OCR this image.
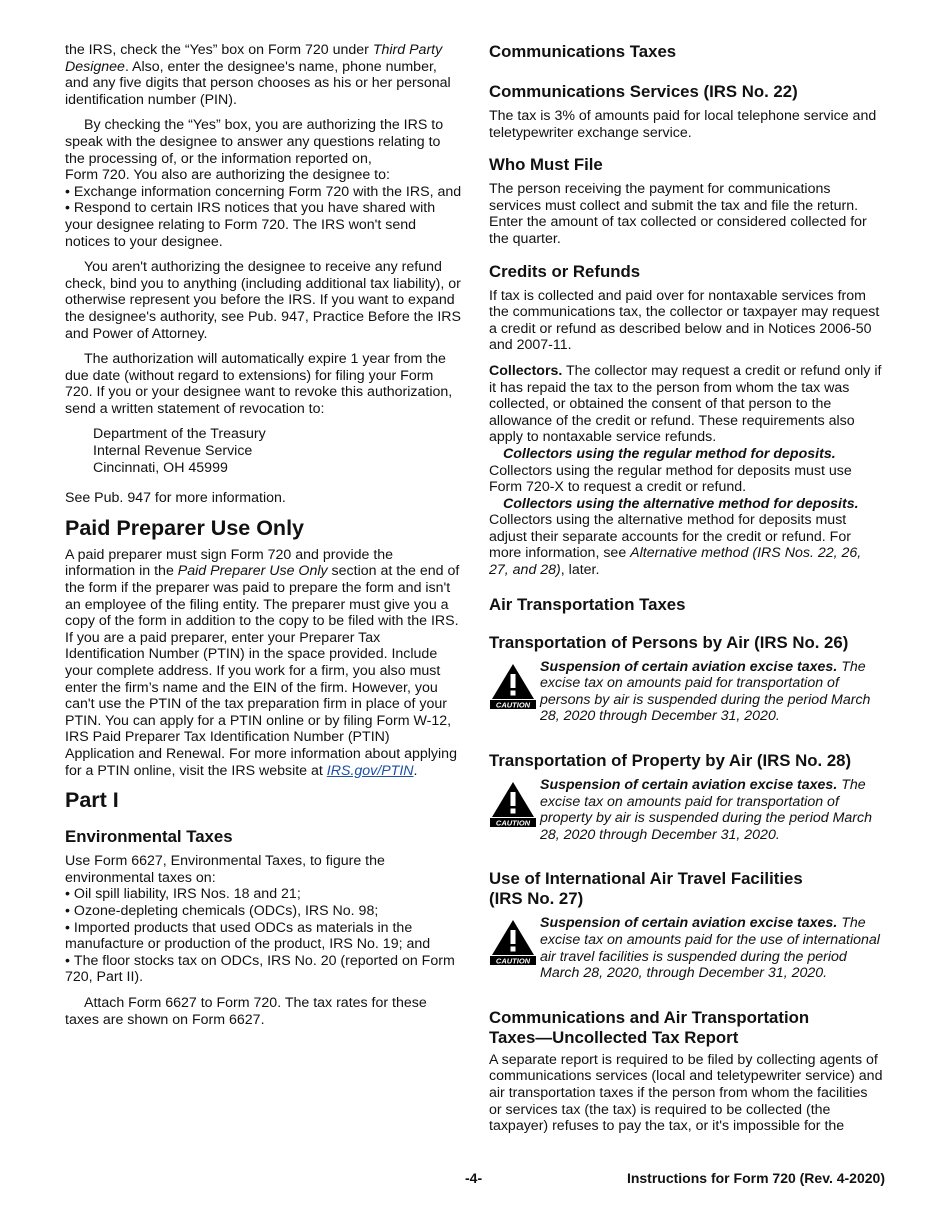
the IRS, check the “Yes” box on Form 720 under Third Party Designee. Also, enter the designee's name, phone number, and any five digits that person chooses as his or her personal identification number (PIN).

By checking the “Yes” box, you are authorizing the IRS to speak with the designee to answer any questions relating to the processing of, or the information reported on,

Form 720. You also are authorizing the designee to:

• Exchange information concerning Form 720 with the IRS, and

• Respond to certain IRS notices that you have shared with your designee relating to Form 720. The IRS won't send notices to your designee.

You aren't authorizing the designee to receive any refund check, bind you to anything (including additional tax liability), or otherwise represent you before the IRS. If you want to expand the designee's authority, see Pub. 947, Practice Before the IRS and Power of Attorney.

The authorization will automatically expire 1 year from the due date (without regard to extensions) for filing your Form 720. If you or your designee want to revoke this authorization, send a written statement of revocation to:

Department of the Treasury
Internal Revenue Service
Cincinnati, OH 45999

See Pub. 947 for more information.

Paid Preparer Use Only

A paid preparer must sign Form 720 and provide the information in the Paid Preparer Use Only section at the end of the form if the preparer was paid to prepare the form and isn't an employee of the filing entity. The preparer must give you a copy of the form in addition to the copy to be filed with the IRS. If you are a paid preparer, enter your Preparer Tax Identification Number (PTIN) in the space provided. Include your complete address. If you work for a firm, you also must enter the firm’s name and the EIN of the firm. However, you can't use the PTIN of the tax preparation firm in place of your PTIN. You can apply for a PTIN online or by filing Form W-12, IRS Paid Preparer Tax Identification Number (PTIN) Application and Renewal. For more information about applying for a PTIN online, visit the IRS website at IRS.gov/PTIN.

Part I
Environmental Taxes

Use Form 6627, Environmental Taxes, to figure the environmental taxes on:

• Oil spill liability, IRS Nos. 18 and 21;

• Ozone-depleting chemicals (ODCs), IRS No. 98;

• Imported products that used ODCs as materials in the manufacture or production of the product, IRS No. 19; and

• The floor stocks tax on ODCs, IRS No. 20 (reported on Form 720, Part II).

Attach Form 6627 to Form 720. The tax rates for these taxes are shown on Form 6627.

Communications Taxes
Communications Services (IRS No. 22)

The tax is 3% of amounts paid for local telephone service and teletypewriter exchange service.

Who Must File

The person receiving the payment for communications services must collect and submit the tax and file the return. Enter the amount of tax collected or considered collected for the quarter.

Credits or Refunds

If tax is collected and paid over for nontaxable services from the communications tax, the collector or taxpayer may request a credit or refund as described below and in Notices 2006-50 and 2007-11.

Collectors. The collector may request a credit or refund only if it has repaid the tax to the person from whom the tax was collected, or obtained the consent of that person to the allowance of the credit or refund. These requirements also apply to nontaxable service refunds.

Collectors using the regular method for deposits.
Collectors using the regular method for deposits must use Form 720-X to request a credit or refund.

Collectors using the alternative method for deposits.
Collectors using the alternative method for deposits must adjust their separate accounts for the credit or refund. For more information, see Alternative method (IRS Nos. 22, 26, 27, and 28), later.

Air Transportation Taxes
Transportation of Persons by Air (IRS No. 26)
CAUTION
Suspension of certain aviation excise taxes. The excise tax on amounts paid for transportation of persons by air is suspended during the period March 28, 2020 through December 31, 2020.
Transportation of Property by Air (IRS No. 28)
CAUTION
Suspension of certain aviation excise taxes. The excise tax on amounts paid for transportation of property by air is suspended during the period March 28, 2020 through December 31, 2020.
Use of International Air Travel Facilities
(IRS No. 27)
CAUTION
Suspension of certain aviation excise taxes. The excise tax on amounts paid for the use of international air travel facilities is suspended during the period March 28, 2020, through December 31, 2020.
Communications and Air Transportation
Taxes—Uncollected Tax Report

A separate report is required to be filed by collecting agents of communications services (local and teletypewriter service) and air transportation taxes if the person from whom the facilities or services tax (the tax) is required to be collected (the taxpayer) refuses to pay the tax, or it's impossible for the

-4-	Instructions for Form 720 (Rev. 4-2020)
